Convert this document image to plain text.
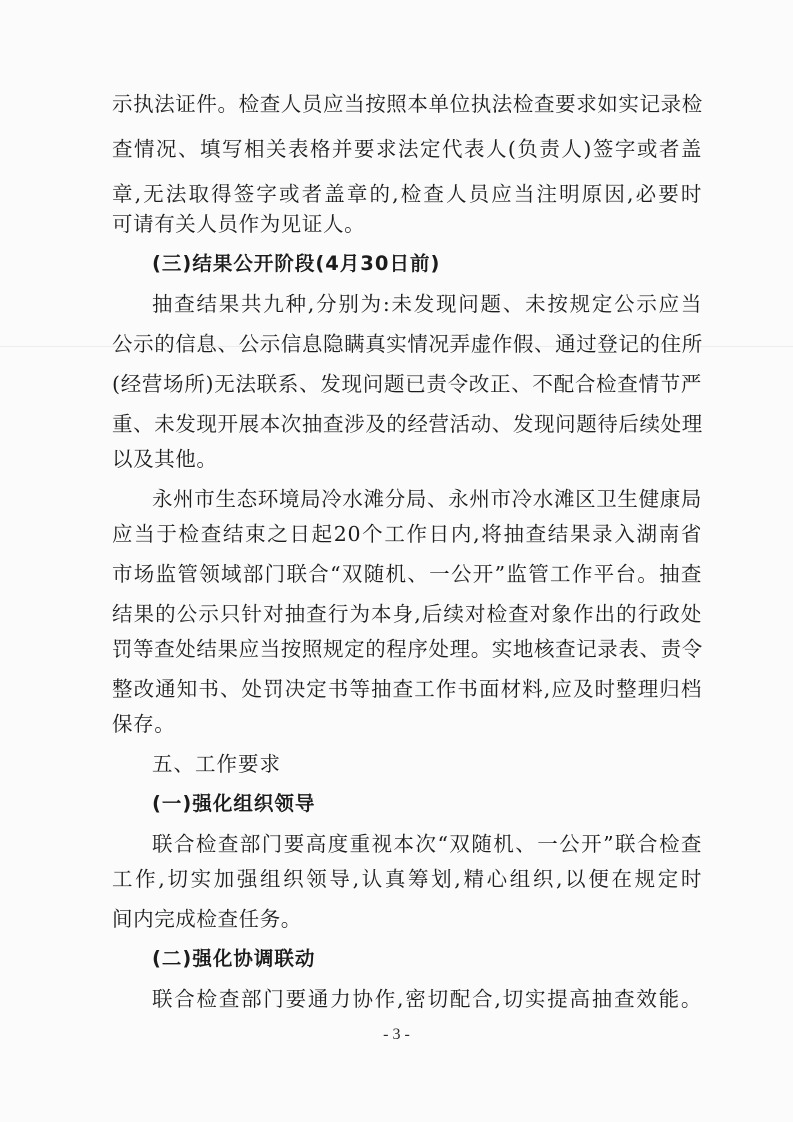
示执法证件。检查人员应当按照本单位执法检查要求如实记录检
查情况、填写相关表格并要求法定代表人(负责人)签字或者盖
章,无法取得签字或者盖章的,检查人员应当注明原因,必要时
可请有关人员作为见证人。
(三)结果公开阶段(4月30日前)
抽查结果共九种,分别为:未发现问题、未按规定公示应当
公示的信息、公示信息隐瞒真实情况弄虚作假、通过登记的住所
(经营场所)无法联系、发现问题已责令改正、不配合检查情节严
重、未发现开展本次抽查涉及的经营活动、发现问题待后续处理
以及其他。
永州市生态环境局冷水滩分局、永州市冷水滩区卫生健康局
应当于检查结束之日起20个工作日内,将抽查结果录入湖南省
市场监管领域部门联合“双随机、一公开”监管工作平台。抽查
结果的公示只针对抽查行为本身,后续对检查对象作出的行政处
罚等查处结果应当按照规定的程序处理。实地核查记录表、责令
整改通知书、处罚决定书等抽查工作书面材料,应及时整理归档
保存。
五、工作要求
(一)强化组织领导
联合检查部门要高度重视本次“双随机、一公开”联合检查
工作,切实加强组织领导,认真筹划,精心组织,以便在规定时
间内完成检查任务。
(二)强化协调联动
联合检查部门要通力协作,密切配合,切实提高抽查效能。
- 3 -
